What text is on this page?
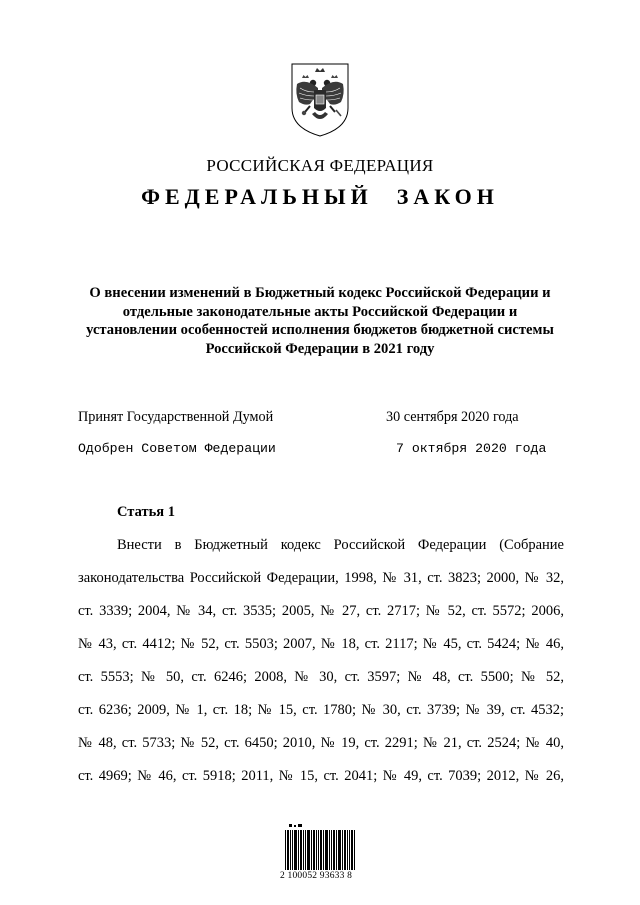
РОССИЙСКАЯ ФЕДЕРАЦИЯ
ФЕДЕРАЛЬНЫЙ ЗАКОН
О внесении изменений в Бюджетный кодекс Российской Федерации и
отдельные законодательные акты Российской Федерации и
установлении особенностей исполнения бюджетов бюджетной системы
Российской Федерации в 2021 году
Принят Государственной Думой	30 сентября 2020 года
Одобрен Советом Федерации	7 октября 2020 года
Статья 1
Внести в Бюджетный кодекс Российской Федерации (Собрание
законодательства Российской Федерации, 1998, № 31, ст. 3823; 2000, № 32,
ст. 3339; 2004, № 34, ст. 3535; 2005, № 27, ст. 2717; № 52, ст. 5572; 2006,
№ 43, ст. 4412; № 52, ст. 5503; 2007, № 18, ст. 2117; № 45, ст. 5424; № 46,
ст. 5553; № 50, ст. 6246; 2008, № 30, ст. 3597; № 48, ст. 5500; № 52,
ст. 6236; 2009, № 1, ст. 18; № 15, ст. 1780; № 30, ст. 3739; № 39, ст. 4532;
№ 48, ст. 5733; № 52, ст. 6450; 2010, № 19, ст. 2291; № 21, ст. 2524; № 40,
ст. 4969; № 46, ст. 5918; 2011, № 15, ст. 2041; № 49, ст. 7039; 2012, № 26,
2 100052 93633 8
